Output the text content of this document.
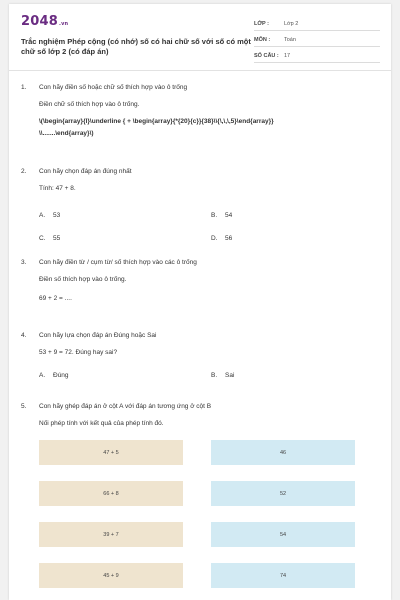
2048.vn
Trắc nghiệm Phép cộng (có nhớ) số có hai chữ số với số có một chữ số lớp 2 (có đáp án)
LỚP :	Lớp 2
MÔN :	Toán
SỐ CÂU : 17
1.	Con hãy điền số hoặc chữ số thích hợp vào ô trống
Điền chữ số thích hợp vào ô trống.
\(\begin{array}{l}\underline { + \begin{array}{*{20}{c}}{38}\\{\,\,\,5}\end{array}}
\\.......\end{array}\)
2.	Con hãy chọn đáp án đúng nhất
Tính: 47 + 8.
A. 53	B. 54
C. 55	D. 56
3.	Con hãy điền từ / cụm từ/ số thích hợp vào các ô trống
Điền số thích hợp vào ô trống.
69 + 2 = ....
4.	Con hãy lựa chọn đáp án Đúng hoặc Sai
53 + 9 = 72. Đúng hay sai?
A. Đúng	B. Sai
5.	Con hãy ghép đáp án ở cột A với đáp án tương ứng ở cột B
Nối phép tính với kết quả của phép tính đó.
47 + 5	46
66 + 8	52
39 + 7	54
45 + 9	74
